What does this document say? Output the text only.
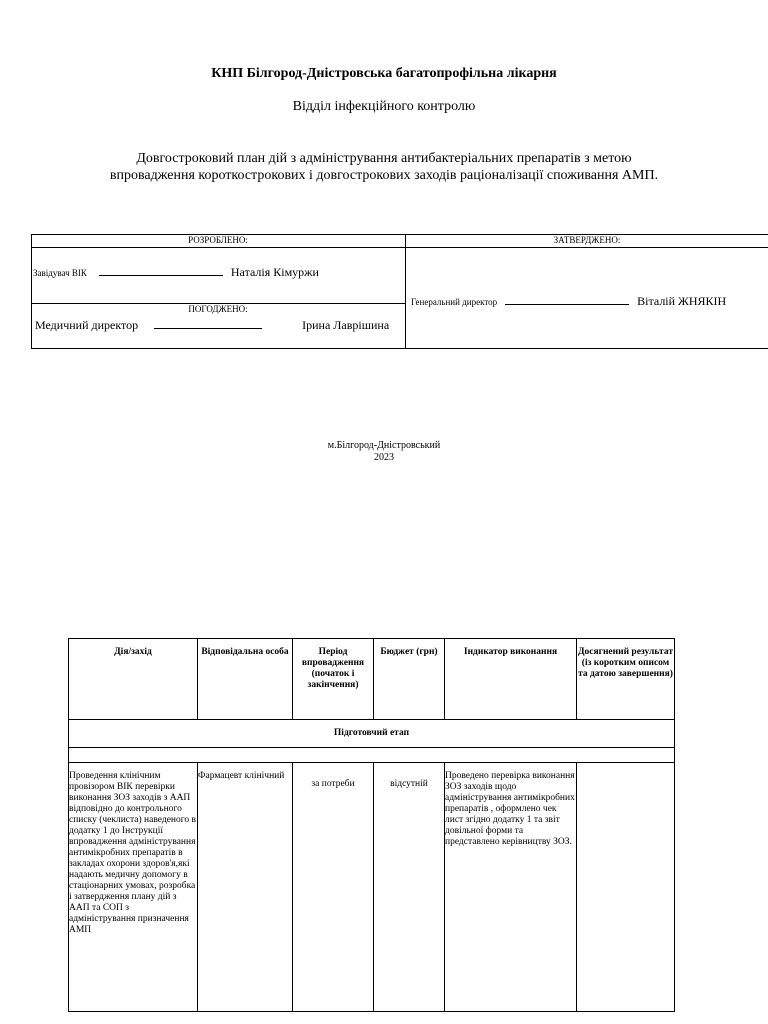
КНП Білгород-Дністровська багатопрофільна лікарня
Відділ інфекційного контролю
Довгостроковий план дій з адміністрування антибактеріальних препаратів з метою
впровадження короткострокових і довгострокових заходів раціоналізації споживання АМП.
РОЗРОБЛЕНО:	ЗАТВЕРДЖЕНО:
Завідувач ВІК	Наталія Кімуржи
ПОГОДЖЕНО:
Медичний директор	Ірина Лаврішина
Генеральний директор	Віталій ЖНЯКІН
м.Білгород-Дністровський
2023
Дія/захід	Відповідальна особа	Період впровадження (початок і закінчення)	Бюджет (грн)	Індикатор виконання	Досягнений результат (із коротким описом та датою завершення)
Підготовчий етап					

Проведення клінічним провізором ВІК перевірки виконання ЗОЗ заходів з ААП відповідно до контрольного списку (чеклиста) наведеного в додатку 1 до Інструкції впровадження адміністрування антимікробних препаратів в закладах охорони здоров'я,які надають медичну допомогу в стаціонарних умовах, розробка і затвердження плану дій з ААП та СОП з адміністрування призначення АМП	Фармацевт клінічний	за потреби	відсутній	Проведено перевірка виконання ЗОЗ заходів щодо адміністрування антимікробних препаратів , оформлено чек лист згідно додатку 1 та звіт довільної форми та представлено керівництву ЗОЗ.	
